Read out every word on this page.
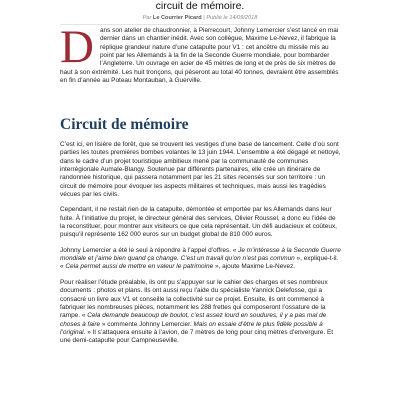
circuit de mémoire.
Par Le Courrier Picard | Publié le 14/09/2018
D ans son atelier de chaudronnier, à Pierrecourt, Johnny Lemercier s’est lancé en mai dernier dans un chantier inédit. Avec son collègue, Maxime Le-Nevez, il fabrique la réplique grandeur nature d’une catapulte pour V1 : cet ancêtre du missile mis au point par les Allemands à la fin de la Seconde Guerre mondiale, pour bombarder l’Angleterre. Un ouvrage en acier de 45 mètres de long et de près de six mètres de haut à son extrémité. Les huit tronçons, qui pèseront au total 40 tonnes, devraient être assemblés en fin d’année au Poteau Montauban, à Guerville.
Circuit de mémoire

C’est ici, en lisière de forêt, que se trouvent les vestiges d’une base de lancement. Celle d’où sont parties les toutes premières bombes volantes le 13 juin 1944. L’ensemble a été dégagé et nettoyé, dans le cadre d’un projet touristique ambitieux mené par la communauté de communes interrégionale Aumale-Blangy. Soutenue par différents partenaires, elle crée un itinéraire de randonnée historique, qui passera notamment par les 21 sites recensés sur son territoire : un circuit de mémoire pour évoquer les aspects militaires et techniques, mais aussi les tragédies vécues par les civils.

Cependant, il ne restait rien de la catapulte, démontée et emportée par les Allemands dans leur fuite. À l’initiative du projet, le directeur général des services, Olivier Roussel, a donc eu l’idée de la reconstituer, pour montrer aux visiteurs ce que cela représentait. Un défi audacieux et coûteux, puisqu’il représente 162 000 euros sur un budget global de 810 000 euros.

Johnny Lemercier a été le seul à répondre à l’appel d’offres. « Je m’intéresse à la Seconde Guerre mondiale et j’aime bien quand ça change. C’est un travail qu’on n’est pas commun », explique-t-il. « Cela permet aussi de mettre en valeur le patrimoine », ajoute Maxime Le-Nevez.

Pour réaliser l’étude préalable, ils ont pu s’appuyer sur le cahier des charges et ses nombreux documents : photos et plans. Ils ont aussi reçu l’aide du spécialiste Yannick Delefosse, qui a consacré un livre aux V1 et conseille la collectivité sur ce projet. Ensuite, ils ont commencé à fabriquer les nombreuses pièces, notamment les 288 frettes qui composeront l’ossature de la rampe. « Cela demande beaucoup de boulot, c’est assez lourd en soudures, il y a pas mal de choses à faire » commente Johnny Lemercier. Mais on essaie d’être le plus fidèle possible à l’original. » Il s’attaquera ensuite à l’avion, de 7 mètres de long pour cinq mètres d’envergure. Et une demi-catapulte pour Campneuseville.
